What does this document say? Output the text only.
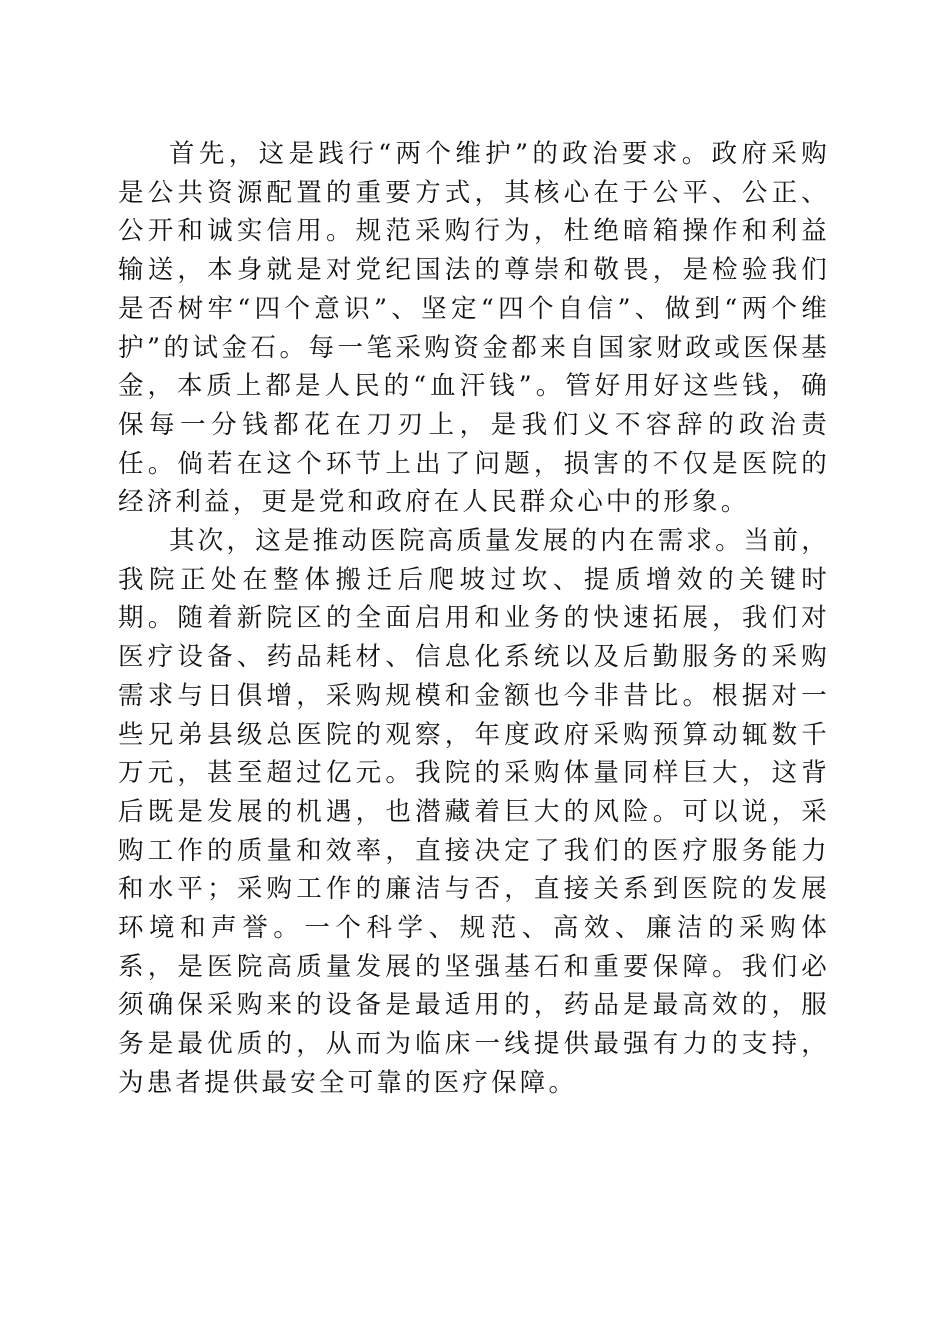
首先，这是践行“两个维护”的政治要求。政府采购是公共资源配置的重要方式，其核心在于公平、公正、公开和诚实信用。规范采购行为，杜绝暗箱操作和利益输送，本身就是对党纪国法的尊崇和敬畏，是检验我们是否树牢“四个意识”、坚定“四个自信”、做到“两个维护”的试金石。每一笔采购资金都来自国家财政或医保基金，本质上都是人民的“血汗钱”。管好用好这些钱，确保每一分钱都花在刀刃上，是我们义不容辞的政治责任。倘若在这个环节上出了问题，损害的不仅是医院的经济利益，更是党和政府在人民群众心中的形象。

其次，这是推动医院高质量发展的内在需求。当前，我院正处在整体搬迁后爬坡过坎、提质增效的关键时期。随着新院区的全面启用和业务的快速拓展，我们对医疗设备、药品耗材、信息化系统以及后勤服务的采购需求与日俱增，采购规模和金额也今非昔比。根据对一些兄弟县级总医院的观察，年度政府采购预算动辄数千万元，甚至超过亿元。我院的采购体量同样巨大，这背后既是发展的机遇，也潜藏着巨大的风险。可以说，采购工作的质量和效率，直接决定了我们的医疗服务能力和水平；采购工作的廉洁与否，直接关系到医院的发展环境和声誉。一个科学、规范、高效、廉洁的采购体系，是医院高质量发展的坚强基石和重要保障。我们必须确保采购来的设备是最适用的，药品是最高效的，服务是最优质的，从而为临床一线提供最强有力的支持，为患者提供最安全可靠的医疗保障。
